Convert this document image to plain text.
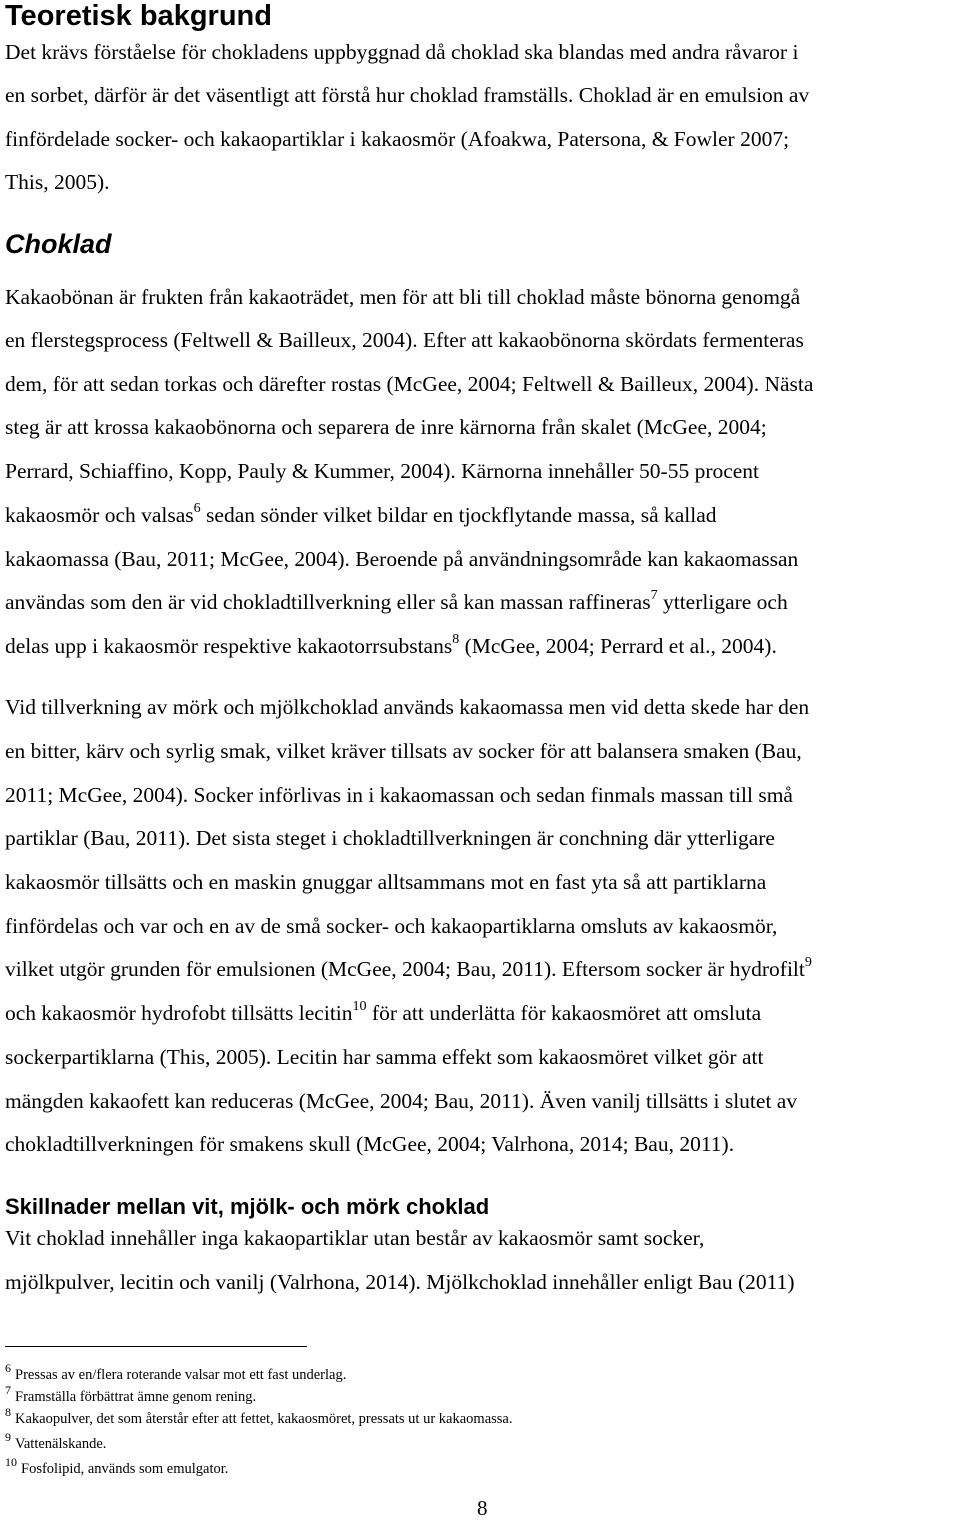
Teoretisk bakgrund

Det krävs förståelse för chokladens uppbyggnad då choklad ska blandas med andra råvaror i

en sorbet, därför är det väsentligt att förstå hur choklad framställs. Choklad är en emulsion av

finfördelade socker- och kakaopartiklar i kakaosmör (Afoakwa, Patersona, & Fowler 2007;

This, 2005).

Choklad

Kakaobönan är frukten från kakaoträdet, men för att bli till choklad måste bönorna genomgå

en flerstegsprocess (Feltwell & Bailleux, 2004). Efter att kakaobönorna skördats fermenteras

dem, för att sedan torkas och därefter rostas (McGee, 2004; Feltwell & Bailleux, 2004). Nästa

steg är att krossa kakaobönorna och separera de inre kärnorna från skalet (McGee, 2004;

Perrard, Schiaffino, Kopp, Pauly & Kummer, 2004). Kärnorna innehåller 50-55 procent

kakaosmör och valsas$^6$ sedan sönder vilket bildar en tjockflytande massa, så kallad

kakaomassa (Bau, 2011; McGee, 2004). Beroende på användningsområde kan kakaomassan

användas som den är vid chokladtillverkning eller så kan massan raffineras$^7$ ytterligare och

delas upp i kakaosmör respektive kakaotorrsubstans$^8$ (McGee, 2004; Perrard et al., 2004).

Vid tillverkning av mörk och mjölkchoklad används kakaomassa men vid detta skede har den

en bitter, kärv och syrlig smak, vilket kräver tillsats av socker för att balansera smaken (Bau,

2011; McGee, 2004). Socker införlivas in i kakaomassan och sedan finmals massan till små

partiklar (Bau, 2011). Det sista steget i chokladtillverkningen är conchning där ytterligare

kakaosmör tillsätts och en maskin gnuggar alltsammans mot en fast yta så att partiklarna

finfördelas och var och en av de små socker- och kakaopartiklarna omsluts av kakaosmör,

vilket utgör grunden för emulsionen (McGee, 2004; Bau, 2011). Eftersom socker är hydrofilt$^9$

och kakaosmör hydrofobt tillsätts lecitin$^{10}$ för att underlätta för kakaosmöret att omsluta

sockerpartiklarna (This, 2005). Lecitin har samma effekt som kakaosmöret vilket gör att

mängden kakaofett kan reduceras (McGee, 2004; Bau, 2011). Även vanilj tillsätts i slutet av

chokladtillverkningen för smakens skull (McGee, 2004; Valrhona, 2014; Bau, 2011).

Skillnader mellan vit, mjölk- och mörk choklad

Vit choklad innehåller inga kakaopartiklar utan består av kakaosmör samt socker,

mjölkpulver, lecitin och vanilj (Valrhona, 2014). Mjölkchoklad innehåller enligt Bau (2011)

$^6$ Pressas av en/flera roterande valsar mot ett fast underlag.

$^7$ Framställa förbättrat ämne genom rening.

$^8$ Kakaopulver, det som återstår efter att fettet, kakaosmöret, pressats ut ur kakaomassa.

$^9$ Vattenälskande.

$^{10}$ Fosfolipid, används som emulgator.

8
